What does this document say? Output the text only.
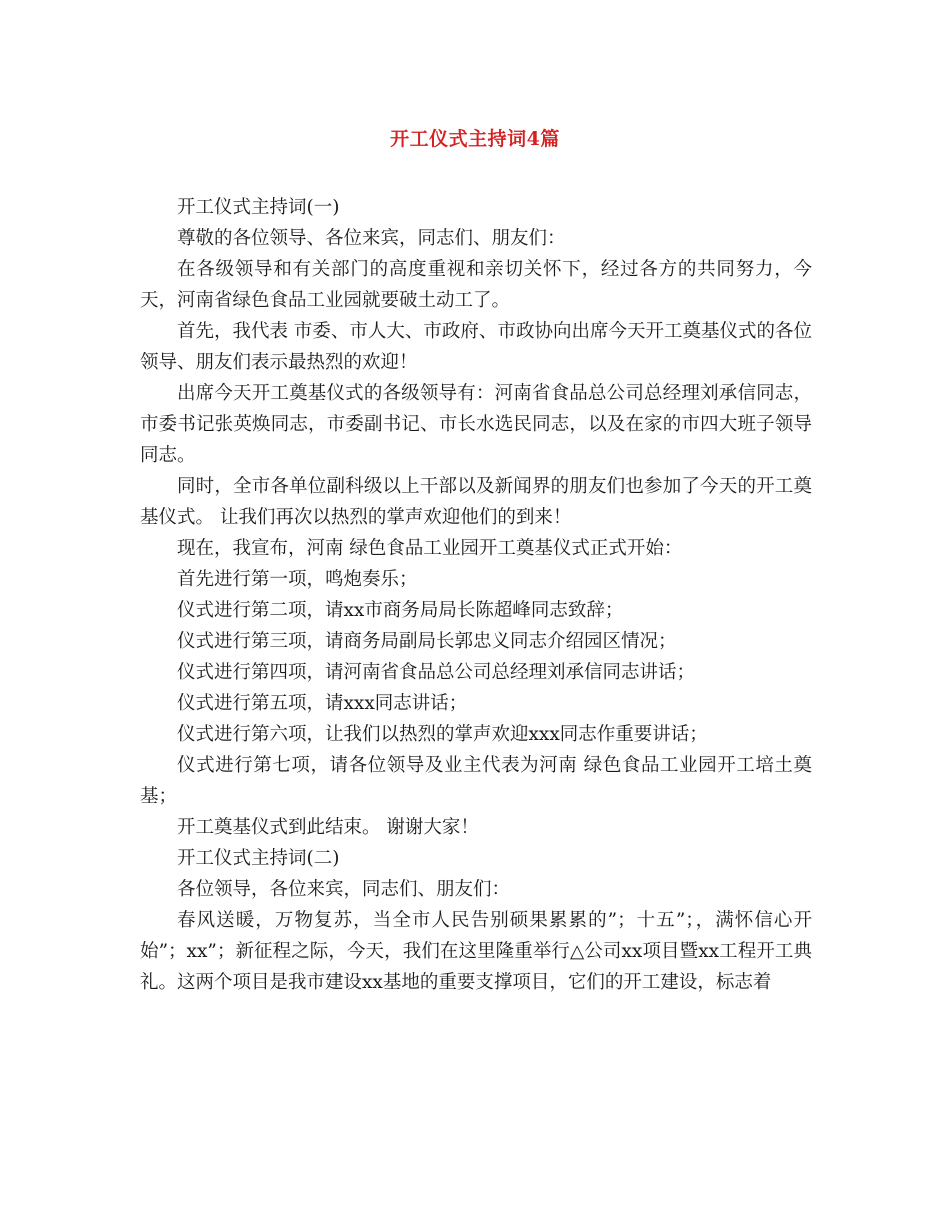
开工仪式主持词4篇

开工仪式主持词(一)

尊敬的各位领导、各位来宾，同志们、朋友们：

在各级领导和有关部门的高度重视和亲切关怀下，经过各方的共同努力，今天，河南省绿色食品工业园就要破土动工了。

首先，我代表 市委、市人大、市政府、市政协向出席今天开工奠基仪式的各位领导、朋友们表示最热烈的欢迎！

出席今天开工奠基仪式的各级领导有：河南省食品总公司总经理刘承信同志，市委书记张英焕同志，市委副书记、市长水选民同志，以及在家的市四大班子领导同志。

同时，全市各单位副科级以上干部以及新闻界的朋友们也参加了今天的开工奠基仪式。 让我们再次以热烈的掌声欢迎他们的到来！

现在，我宣布，河南 绿色食品工业园开工奠基仪式正式开始：

首先进行第一项，鸣炮奏乐；

仪式进行第二项，请xx市商务局局长陈超峰同志致辞；

仪式进行第三项，请商务局副局长郭忠义同志介绍园区情况；

仪式进行第四项，请河南省食品总公司总经理刘承信同志讲话；

仪式进行第五项，请xxx同志讲话；

仪式进行第六项，让我们以热烈的掌声欢迎xxx同志作重要讲话；

仪式进行第七项，请各位领导及业主代表为河南 绿色食品工业园开工培土奠基；

开工奠基仪式到此结束。 谢谢大家！

开工仪式主持词(二)

各位领导，各位来宾，同志们、朋友们：

春风送暖，万物复苏，当全市人民告别硕果累累的”；十五”；，满怀信心开始”；xx”；新征程之际，今天，我们在这里隆重举行△公司xx项目暨xx工程开工典礼。这两个项目是我市建设xx基地的重要支撑项目，它们的开工建设，标志着
